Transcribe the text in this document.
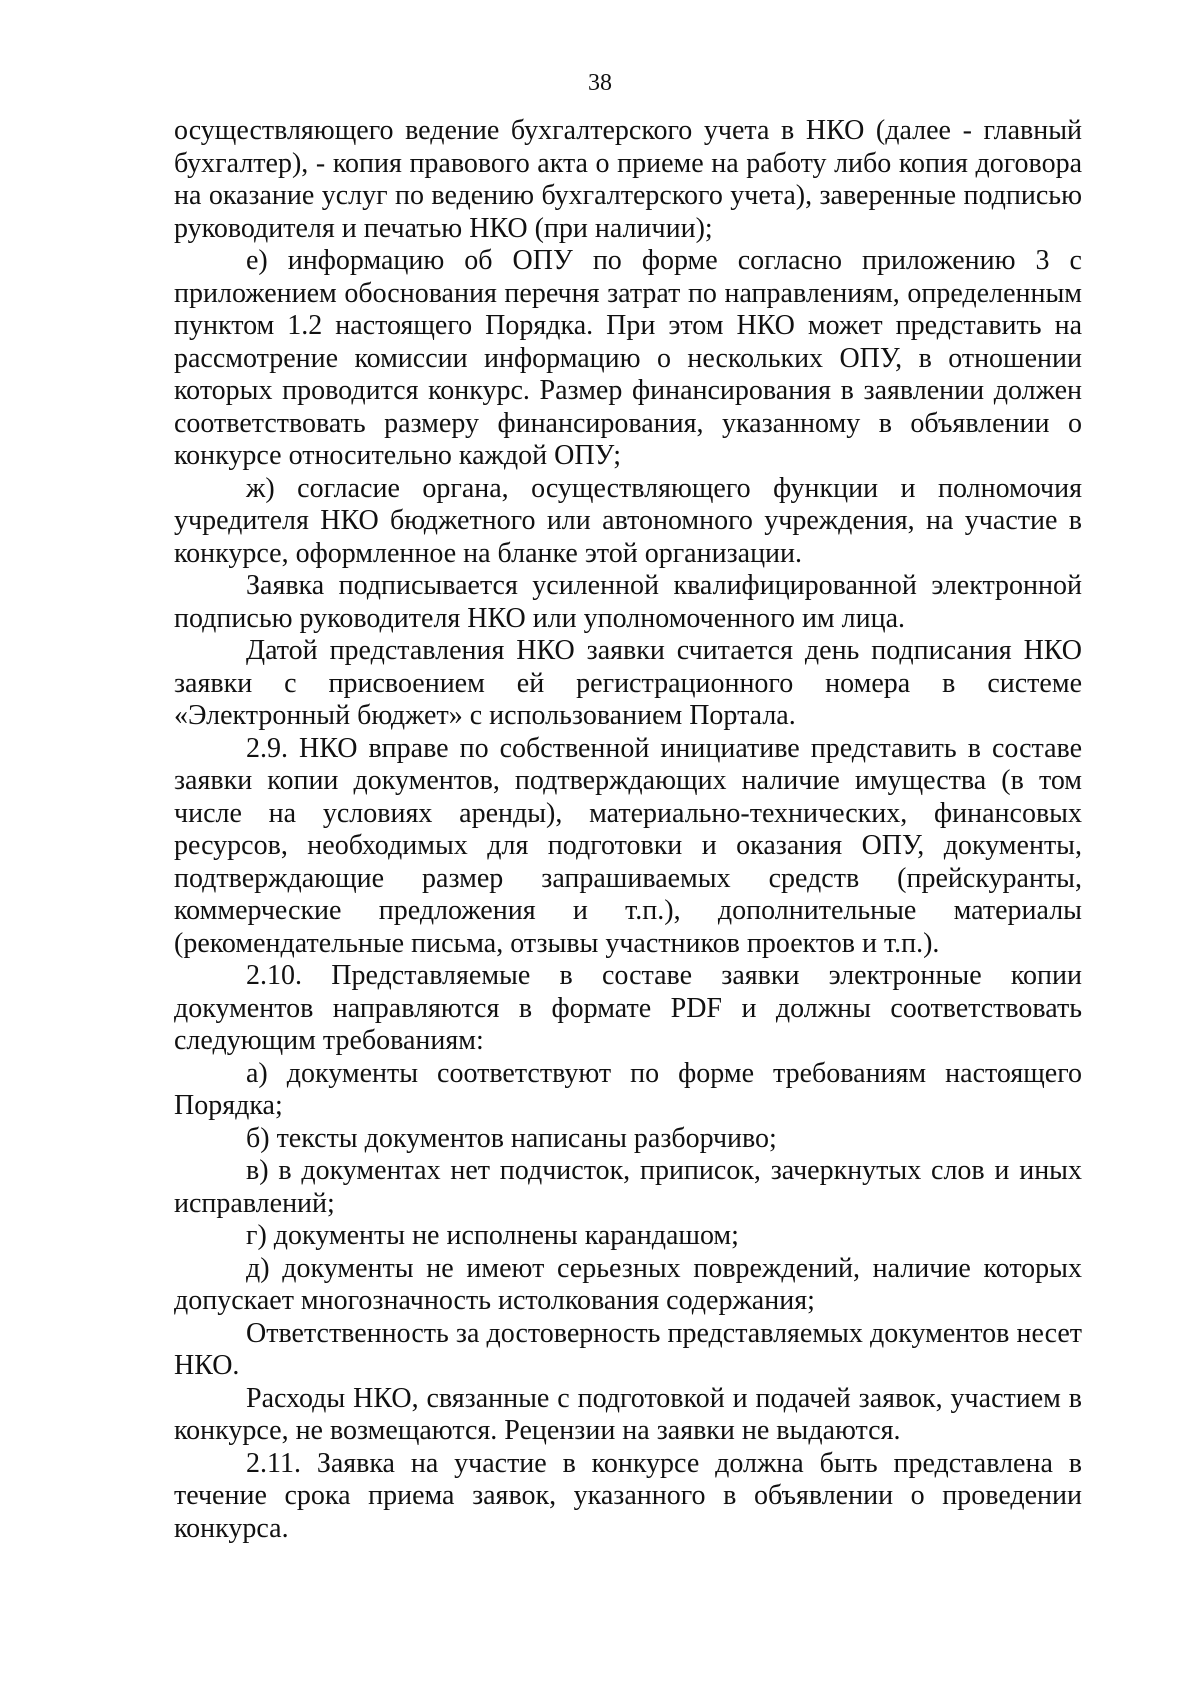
38

осуществляющего ведение бухгалтерского учета в НКО (далее - главный бухгалтер), - копия правового акта о приеме на работу либо копия договора на оказание услуг по ведению бухгалтерского учета), заверенные подписью руководителя и печатью НКО (при наличии);

е) информацию об ОПУ по форме согласно приложению 3 с приложением обоснования перечня затрат по направлениям, определенным пунктом 1.2 настоящего Порядка. При этом НКО может представить на рассмотрение комиссии информацию о нескольких ОПУ, в отношении которых проводится конкурс. Размер финансирования в заявлении должен соответствовать размеру финансирования, указанному в объявлении о конкурсе относительно каждой ОПУ;

ж) согласие органа, осуществляющего функции и полномочия учредителя НКО бюджетного или автономного учреждения, на участие в конкурсе, оформленное на бланке этой организации.

Заявка подписывается усиленной квалифицированной электронной подписью руководителя НКО или уполномоченного им лица.

Датой представления НКО заявки считается день подписания НКО заявки с присвоением ей регистрационного номера в системе «Электронный бюджет» с использованием Портала.

2.9. НКО вправе по собственной инициативе представить в составе заявки копии документов, подтверждающих наличие имущества (в том числе на условиях аренды), материально-технических, финансовых ресурсов, необходимых для подготовки и оказания ОПУ, документы, подтверждающие размер запрашиваемых средств (прейскуранты, коммерческие предложения и т.п.), дополнительные материалы (рекомендательные письма, отзывы участников проектов и т.п.).

2.10. Представляемые в составе заявки электронные копии документов направляются в формате PDF и должны соответствовать следующим требованиям:

а) документы соответствуют по форме требованиям настоящего Порядка;

б) тексты документов написаны разборчиво;

в) в документах нет подчисток, приписок, зачеркнутых слов и иных исправлений;

г) документы не исполнены карандашом;

д) документы не имеют серьезных повреждений, наличие которых допускает многозначность истолкования содержания;

Ответственность за достоверность представляемых документов несет НКО.

Расходы НКО, связанные с подготовкой и подачей заявок, участием в конкурсе, не возмещаются. Рецензии на заявки не выдаются.

2.11. Заявка на участие в конкурсе должна быть представлена в течение срока приема заявок, указанного в объявлении о проведении конкурса.
